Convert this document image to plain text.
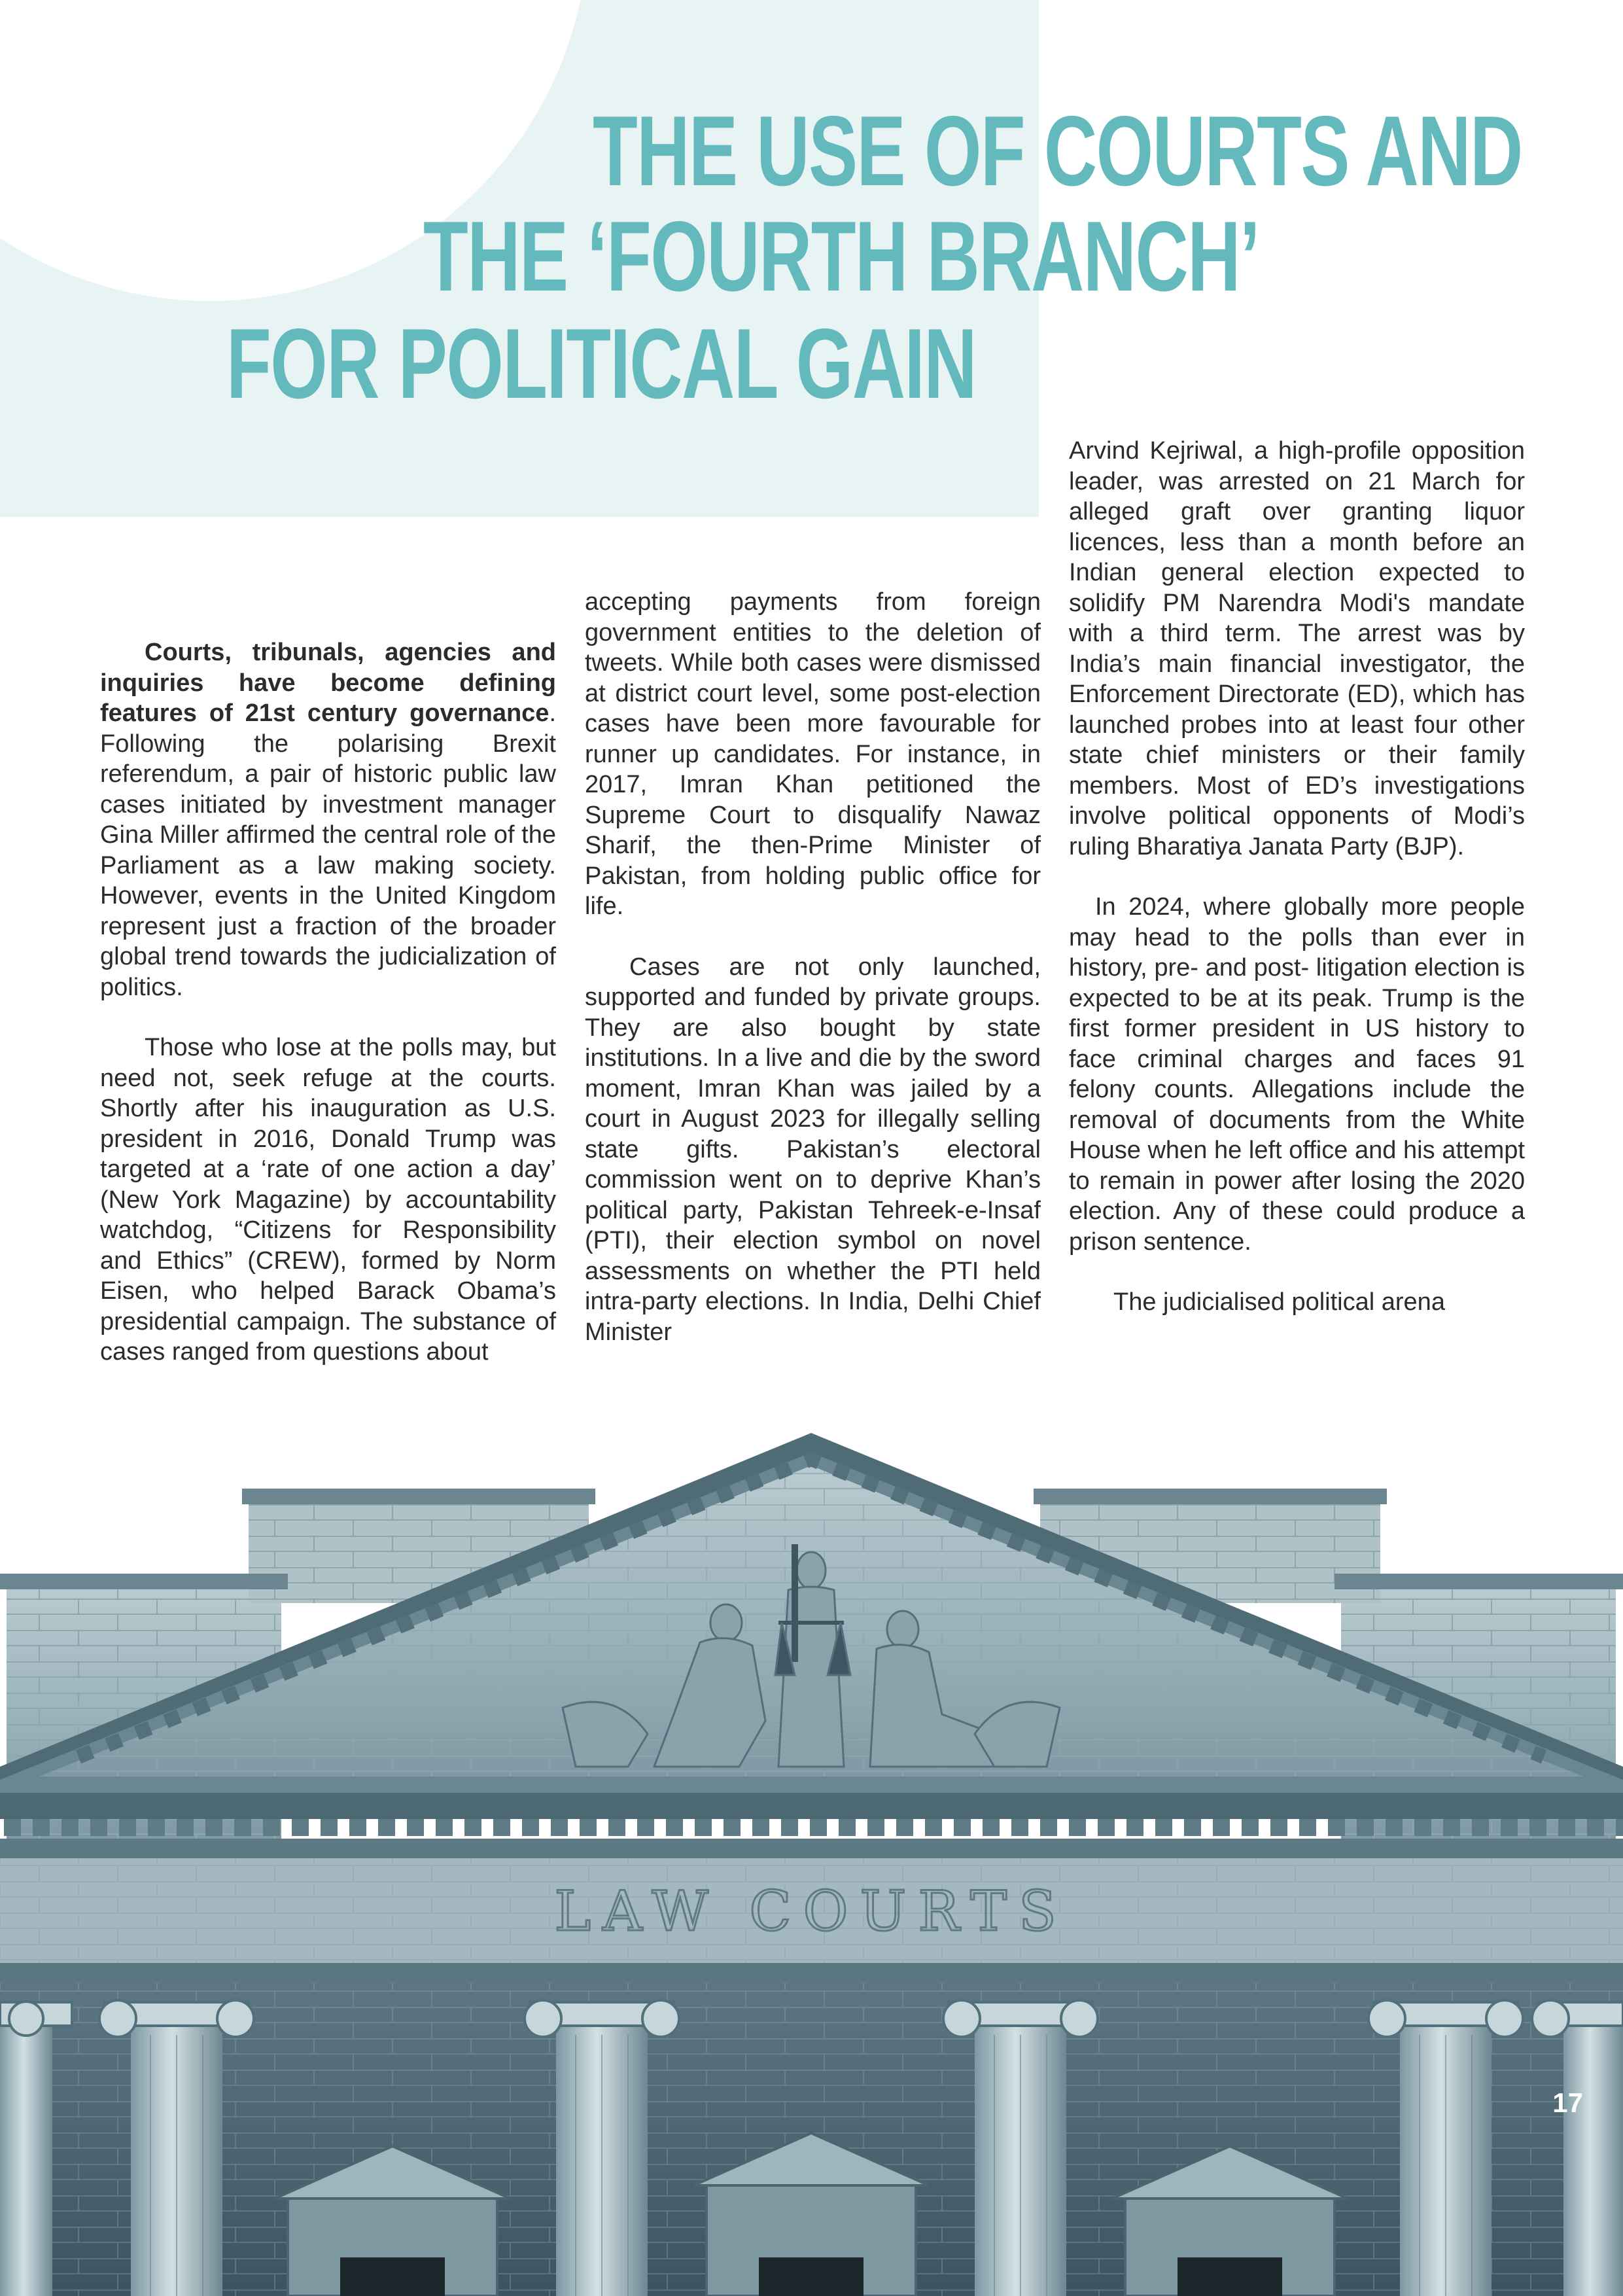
THE USE OF COURTS AND
THE ‘FOURTH BRANCH’
FOR POLITICAL GAIN

Courts, tribunals, agencies and inquiries have become defining features of 21st century governance. Following the polarising Brexit referendum, a pair of historic public law cases initiated by investment manager Gina Miller affirmed the central role of the Parliament as a law making society. However, events in the United Kingdom represent just a fraction of the broader global trend towards the judicialization of politics.

Those who lose at the polls may, but need not, seek refuge at the courts. Shortly after his inauguration as U.S. president in 2016, Donald Trump was targeted at a ‘rate of one action a day’ (New York Magazine) by accountability watchdog, “Citizens for Responsibility and Ethics” (CREW), formed by Norm Eisen, who helped Barack Obama’s presidential campaign. The substance of cases ranged from questions about

accepting payments from foreign government entities to the deletion of tweets. While both cases were dismissed at district court level, some post-election cases have been more favourable for runner up candidates. For instance, in 2017, Imran Khan petitioned the Supreme Court to disqualify Nawaz Sharif, the then-Prime Minister of Pakistan, from holding public office for life.

Cases are not only launched, supported and funded by private groups. They are also bought by state institutions. In a live and die by the sword moment, Imran Khan was jailed by a court in August 2023 for illegally selling state gifts. Pakistan’s electoral commission went on to deprive Khan’s political party, Pakistan Tehreek-e-Insaf (PTI), their election symbol on novel assessments on whether the PTI held intra-party elections. In India, Delhi Chief Minister

Arvind Kejriwal, a high-profile opposition leader, was arrested on 21 March for alleged graft over granting liquor licences, less than a month before an Indian general election expected to solidify PM Narendra Modi's mandate with a third term. The arrest was by India’s main financial investigator, the Enforcement Directorate (ED), which has launched probes into at least four other state chief ministers or their family members. Most of ED’s investigations involve political opponents of Modi’s ruling Bharatiya Janata Party (BJP).

In 2024, where globally more people may head to the polls than ever in history, pre- and post- litigation election is expected to be at its peak. Trump is the first former president in US history to face criminal charges and faces 91 felony counts. Allegations include the removal of documents from the White House when he left office and his attempt to remain in power after losing the 2020 election. Any of these could produce a prison sentence.

The judicialised political arena

LAW COURTS
17
